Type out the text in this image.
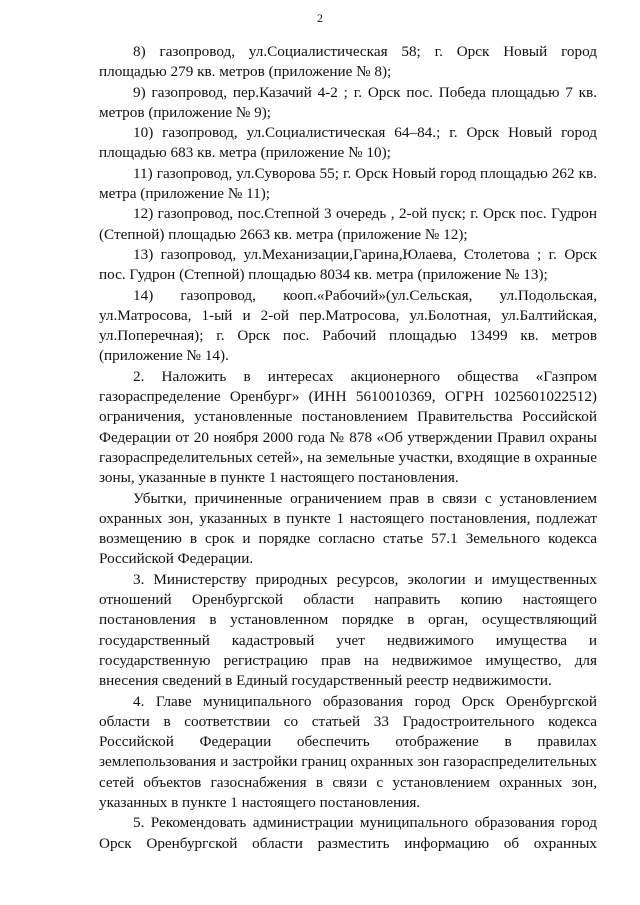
2

8) газопровод, ул.Социалистическая 58; г. Орск Новый город площадью 279 кв. метров (приложение № 8);

9) газопровод, пер.Казачий 4-2 ; г. Орск пос. Победа площадью 7 кв. метров (приложение № 9);

10) газопровод, ул.Социалистическая 64–84.; г. Орск Новый город площадью 683 кв. метра (приложение № 10);

11) газопровод, ул.Суворова 55; г. Орск Новый город площадью 262 кв. метра (приложение № 11);

12) газопровод, пос.Степной 3 очередь , 2-ой пуск; г. Орск пос. Гудрон (Степной) площадью 2663 кв. метра (приложение № 12);

13) газопровод, ул.Механизации,Гарина,Юлаева, Столетова ; г. Орск пос. Гудрон (Степной) площадью 8034 кв. метра (приложение № 13);

14) газопровод, кооп.«Рабочий»(ул.Сельская, ул.Подольская, ул.Матросова, 1-ый и 2-ой пер.Матросова, ул.Болотная, ул.Балтийская, ул.Поперечная); г. Орск пос. Рабочий площадью 13499 кв. метров (приложение № 14).

2. Наложить в интересах акционерного общества «Газпром газораспределение Оренбург» (ИНН 5610010369, ОГРН 1025601022512) ограничения, установленные постановлением Правительства Российской Федерации от 20 ноября 2000 года № 878 «Об утверждении Правил охраны газораспределительных сетей», на земельные участки, входящие в охранные зоны, указанные в пункте 1 настоящего постановления.

Убытки, причиненные ограничением прав в связи с установлением охранных зон, указанных в пункте 1 настоящего постановления, подлежат возмещению в срок и порядке согласно статье 57.1 Земельного кодекса Российской Федерации.

3. Министерству природных ресурсов, экологии и имущественных отношений Оренбургской области направить копию настоящего постановления в установленном порядке в орган, осуществляющий государственный кадастровый учет недвижимого имущества и государственную регистрацию прав на недвижимое имущество, для внесения сведений в Единый государственный реестр недвижимости.

4. Главе муниципального образования город Орск Оренбургской области в соответствии со статьей 33 Градостроительного кодекса Российской Федерации обеспечить отображение в правилах землепользования и застройки границ охранных зон газораспределительных сетей объектов газоснабжения в связи с установлением охранных зон, указанных в пункте 1 настоящего постановления.

5. Рекомендовать администрации муниципального образования город Орск Оренбургской области разместить информацию об охранных
